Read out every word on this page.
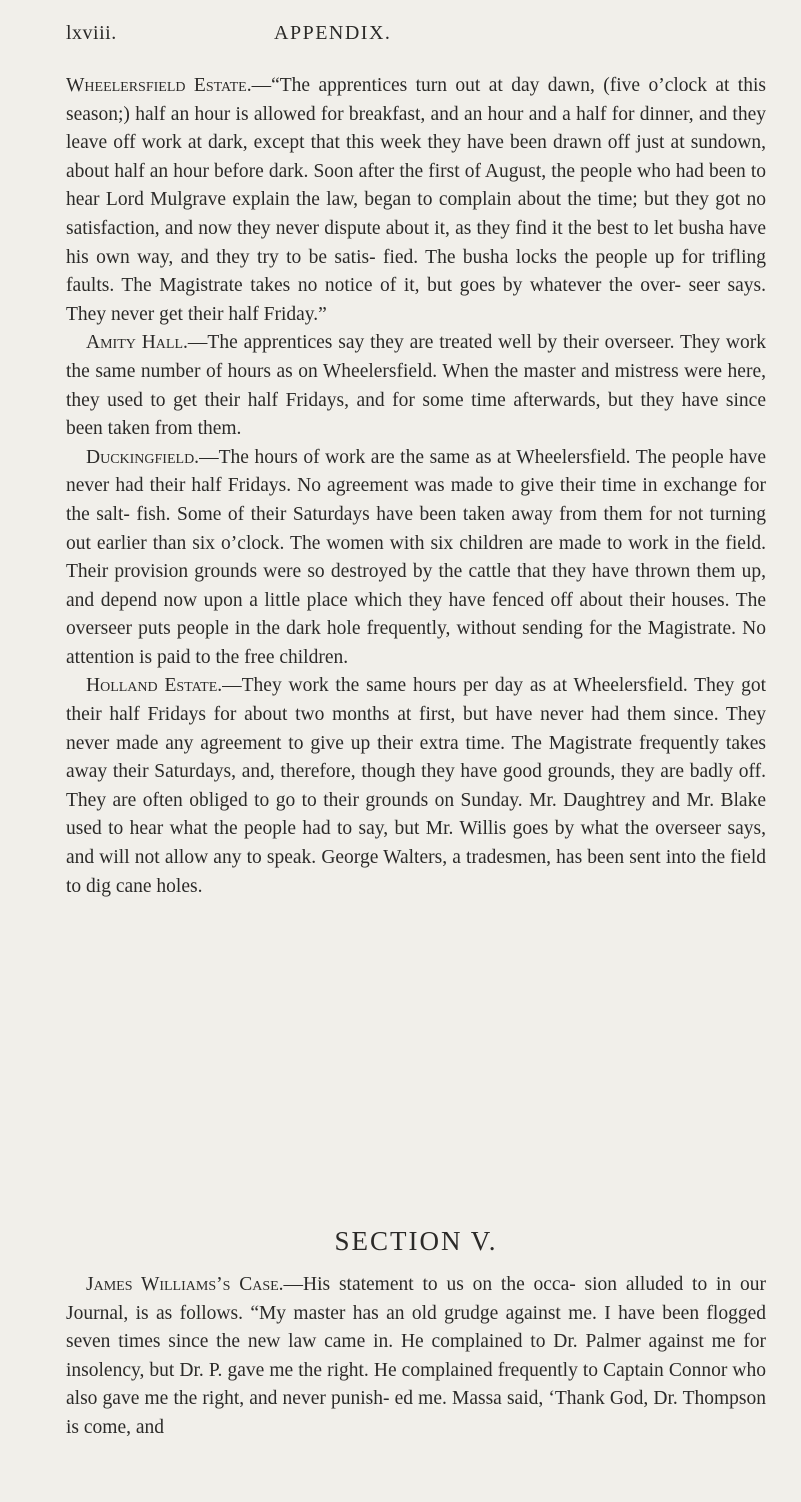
lxviii.	APPENDIX.

Wheelersfield Estate.—“The apprentices turn out at day dawn, (five o’clock at this season;) half an hour is allowed for breakfast, and an hour and a half for dinner, and they leave off work at dark, except that this week they have been drawn off just at sundown, about half an hour before dark. Soon after the first of August, the people who had been to hear Lord Mulgrave explain the law, began to complain about the time; but they got no satisfaction, and now they never dispute about it, as they find it the best to let busha have his own way, and they try to be satis- fied. The busha locks the people up for trifling faults. The Magistrate takes no notice of it, but goes by whatever the over- seer says. They never get their half Friday.”

Amity Hall.—The apprentices say they are treated well by their overseer. They work the same number of hours as on Wheelersfield. When the master and mistress were here, they used to get their half Fridays, and for some time afterwards, but they have since been taken from them.

Duckingfield.—The hours of work are the same as at Wheelersfield. The people have never had their half Fridays. No agreement was made to give their time in exchange for the salt- fish. Some of their Saturdays have been taken away from them for not turning out earlier than six o’clock. The women with six children are made to work in the field. Their provision grounds were so destroyed by the cattle that they have thrown them up, and depend now upon a little place which they have fenced off about their houses. The overseer puts people in the dark hole frequently, without sending for the Magistrate. No attention is paid to the free children.

Holland Estate.—They work the same hours per day as at Wheelersfield. They got their half Fridays for about two months at first, but have never had them since. They never made any agreement to give up their extra time. The Magistrate frequently takes away their Saturdays, and, therefore, though they have good grounds, they are badly off. They are often obliged to go to their grounds on Sunday. Mr. Daughtrey and Mr. Blake used to hear what the people had to say, but Mr. Willis goes by what the overseer says, and will not allow any to speak. George Walters, a tradesmen, has been sent into the field to dig cane holes.

SECTION V.

James Williams’s Case.—His statement to us on the occa- sion alluded to in our Journal, is as follows. “My master has an old grudge against me. I have been flogged seven times since the new law came in. He complained to Dr. Palmer against me for insolency, but Dr. P. gave me the right. He complained frequently to Captain Connor who also gave me the right, and never punish- ed me. Massa said, ‘Thank God, Dr. Thompson is come, and
